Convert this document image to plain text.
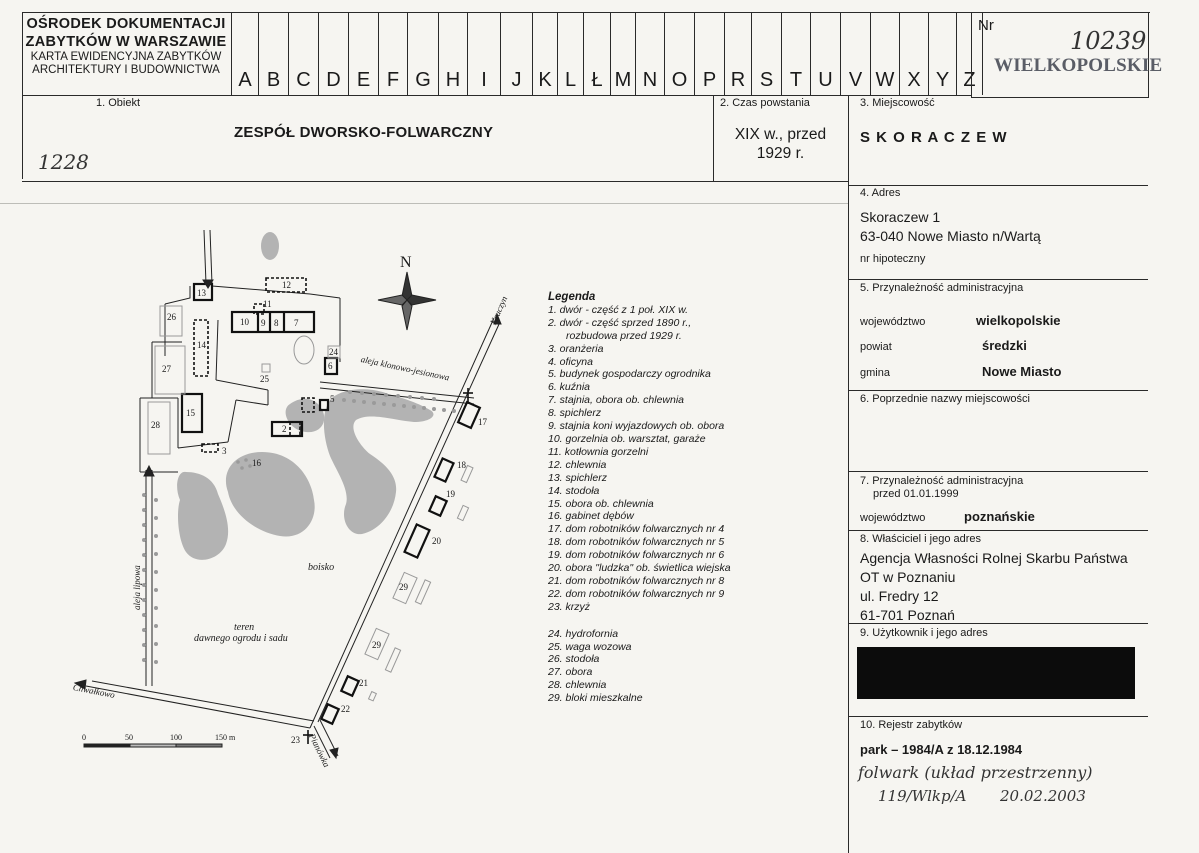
OŚRODEK DOKUMENTACJI
ZABYTKÓW W WARSZAWIE
KARTA EWIDENCYJNA ZABYTKÓW
ARCHITEKTURY I BUDOWNICTWA A B C D E F G H	I	J K L Ł M N O P R S T U V W X Y Z
Nr
10239
WIELKOPOLSKIE
1. Obiekt
ZESPÓŁ DWORSKO-FOLWARCZNY
1228
2. Czas powstania
XIX w., przed
1929 r.
3. Miejscowość
S K O R A C Z E W
4. Adres
Skoraczew 1
63-040 Nowe Miasto n/Wartą
nr hipoteczny
5. Przynależność administracyjna
województwo	wielkopolskie
powiat	średzki
gmina	Nowe Miasto
6. Poprzednie nazwy miejscowości
7. Przynależność administracyjna
przed 01.01.1999
województwo	poznańskie
8. Właściciel i jego adres
Agencja Własności Rolnej Skarbu Państwa
OT w Poznaniu
ul. Fredry 12
61-701 Poznań
9. Użytkownik i jego adres
10. Rejestr zabytków
park – 1984/A z 18.12.1984
folwark (układ przestrzenny)
119/Wlkp/A 20.02.2003
N
Kruczyn
Chwałkowo
Pianówka
aleja klonowo-jesionowa
aleja lipowa	boisko
teren
dawnego ogrodu i sadu
0	50	100	150 m
1
2
3
5
6
7
8
9
10
11
12
13
14
15
16
17
18
19
20
21
22
23
24
25
26
27
28
29
29
Legenda
1. dwór - część z 1 poł. XIX w.
2. dwór - część sprzed 1890 r.,
rozbudowa przed 1929 r.
3. oranżeria
4. oficyna
5. budynek gospodarczy ogrodnika
6. kuźnia
7. stajnia, obora ob. chlewnia
8. spichlerz
9. stajnia koni wyjazdowych ob. obora
10. gorzelnia ob. warsztat, garaże
11. kotłownia gorzelni
12. chlewnia
13. spichlerz
14. stodoła
15. obora ob. chlewnia
16. gabinet dębów
17. dom robotników folwarcznych nr 4
18. dom robotników folwarcznych nr 5
19. dom robotników folwarcznych nr 6
20. obora "ludzka" ob. świetlica wiejska
21. dom robotników folwarcznych nr 8
22. dom robotników folwarcznych nr 9
23. krzyż
24. hydrofornia
25. waga wozowa
26. stodoła
27. obora
28. chlewnia
29. bloki mieszkalne
